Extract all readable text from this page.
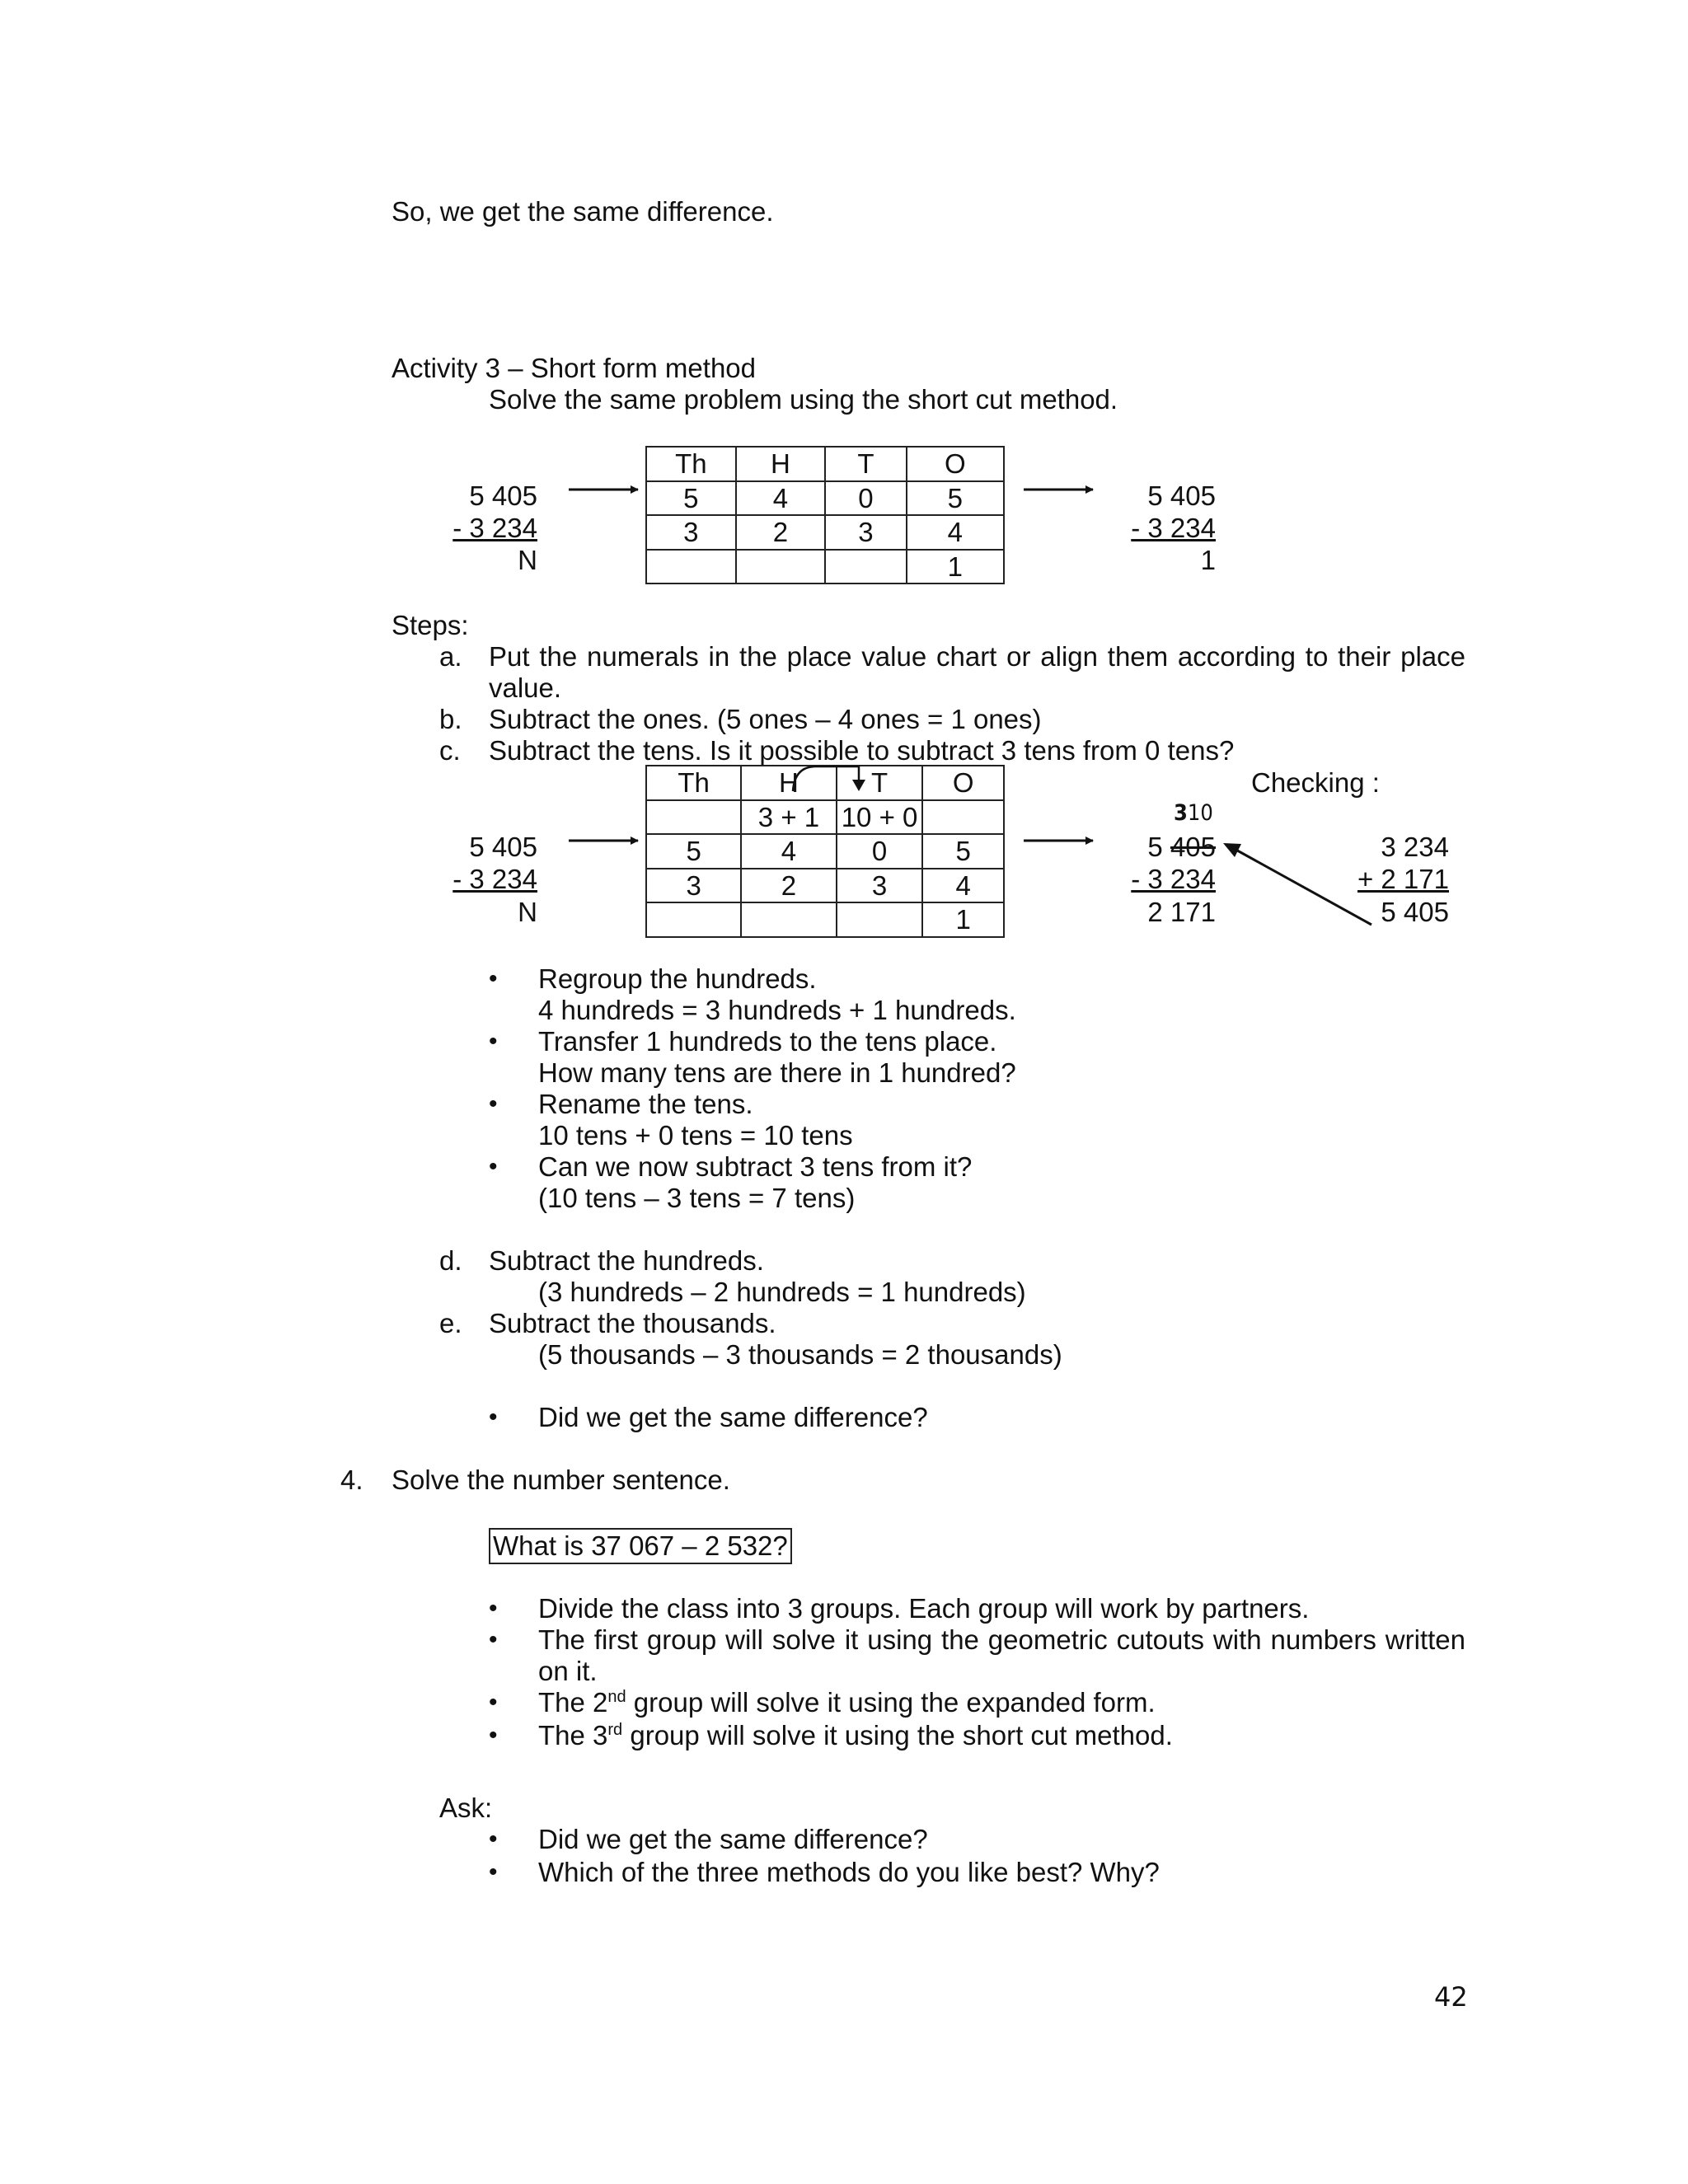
So, we get the same difference.
Activity 3 – Short form method
Solve the same problem using the short cut method.
5 405
- 3 234
N
Th	H	T	O
5	4	0	5
3	2	3	4
			1
5 405
- 3 234
1
Steps:
a. Put the numerals in the place value chart or align them according to their place
value.
b. Subtract the ones. (5 ones – 4 ones = 1 ones)
c. Subtract the tens. Is it possible to subtract 3 tens from 0 tens?
5 405
- 3 234
N
Th	H	T	O
	3 + 1	10 + 0	
5	4	0	5
3	2	3	4
			1
310
5 405
- 3 234
2 171
Checking :
3 234
+ 2 171
5 405
• Regroup the hundreds.
4 hundreds = 3 hundreds + 1 hundreds.
• Transfer 1 hundreds to the tens place.
How many tens are there in 1 hundred?
• Rename the tens.
10 tens + 0 tens = 10 tens
• Can we now subtract 3 tens from it?
(10 tens – 3 tens = 7 tens)
d. Subtract the hundreds.
(3 hundreds – 2 hundreds = 1 hundreds)
e. Subtract the thousands.
(5 thousands – 3 thousands = 2 thousands)
• Did we get the same difference?
4. Solve the number sentence.
What is 37 067 – 2 532?
• Divide the class into 3 groups. Each group will work by partners.
• The first group will solve it using the geometric cutouts with numbers written
on it.
• The 2nd group will solve it using the expanded form.
• The 3rd group will solve it using the short cut method.
Ask:
• Did we get the same difference?
• Which of the three methods do you like best? Why?
42
